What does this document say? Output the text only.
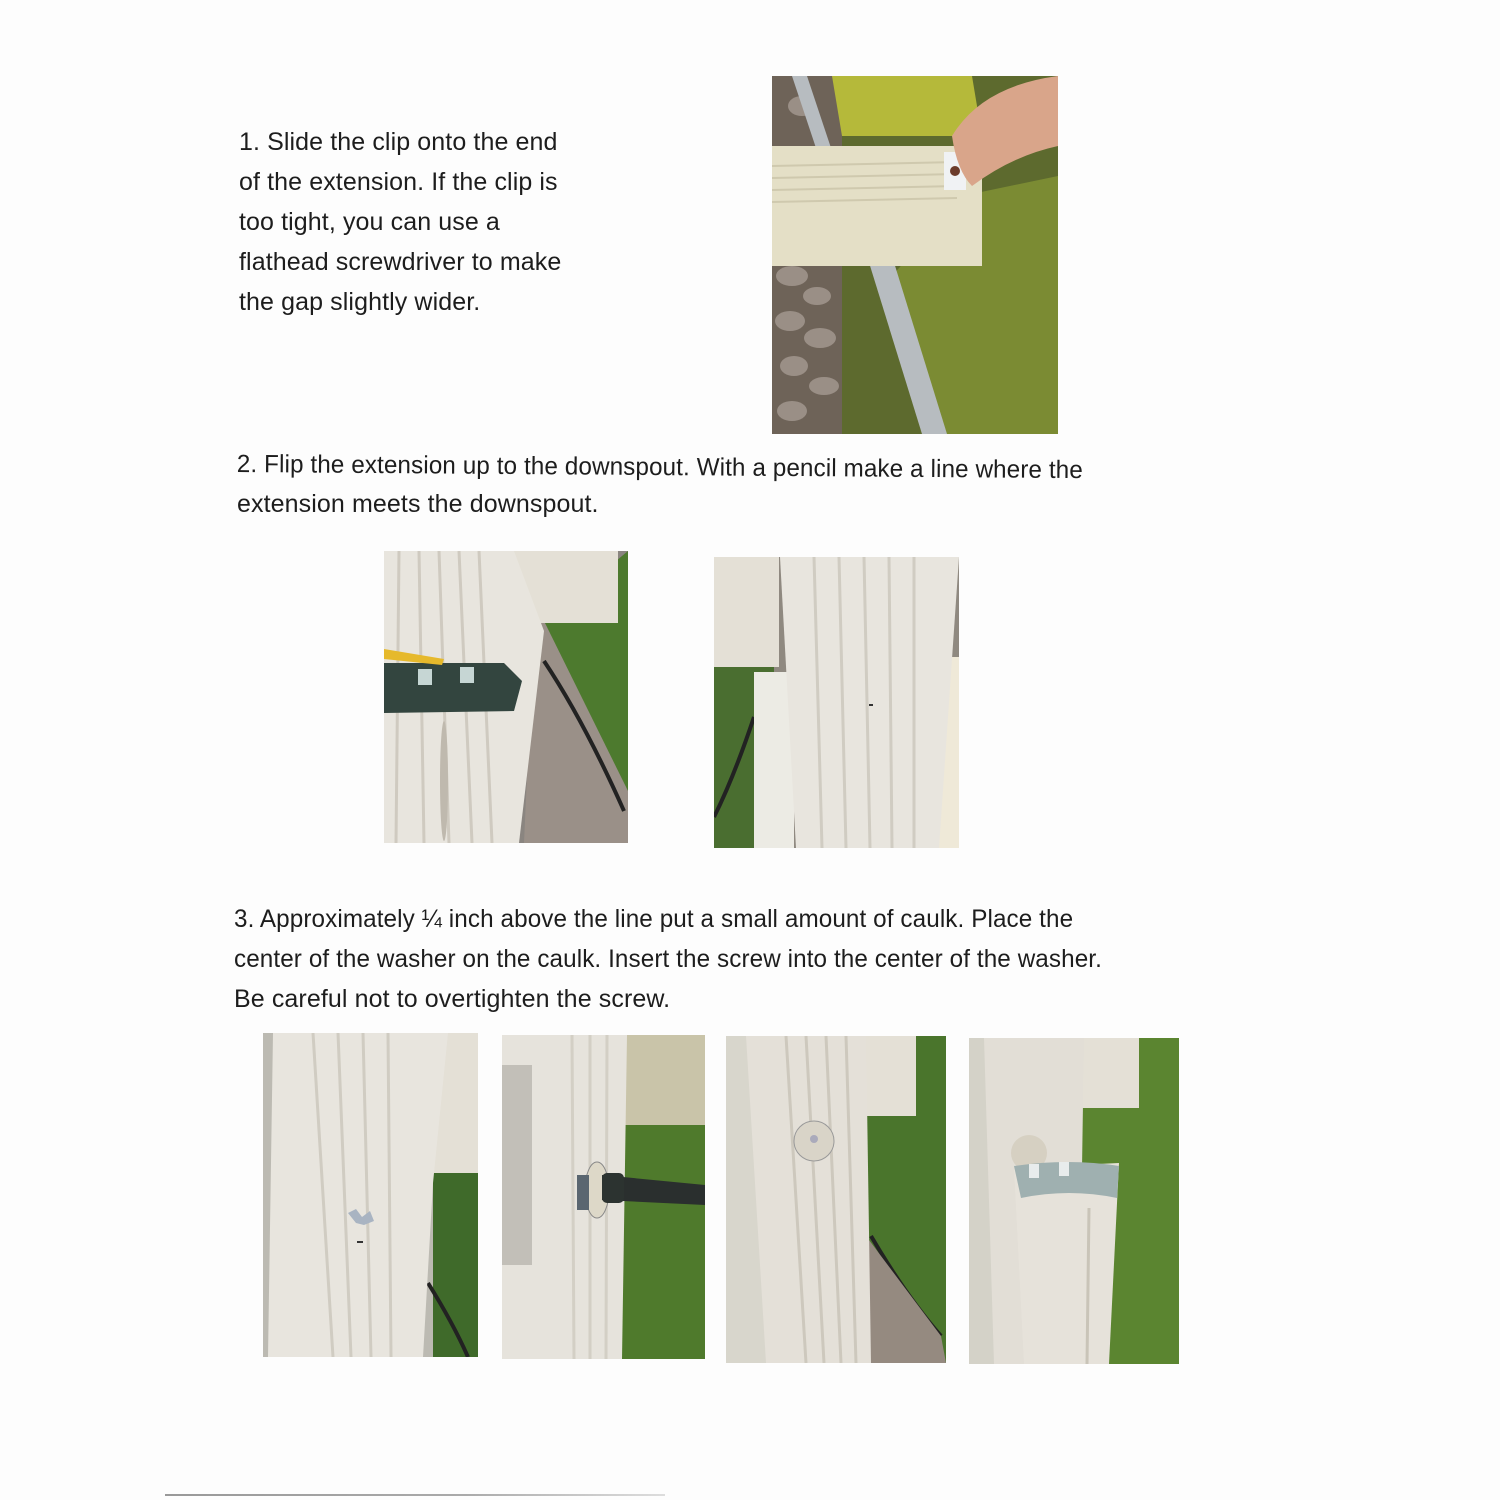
1. Slide the clip onto the end

of the extension. If the clip is

too tight, you can use a

flathead screwdriver to make

the gap slightly wider.

2. Flip the extension up to the downspout. With a pencil make a line where the

extension meets the downspout.

3. Approximately ¼ inch above the line put a small amount of caulk. Place the

center of the washer on the caulk. Insert the screw into the center of the washer.

Be careful not to overtighten the screw.
